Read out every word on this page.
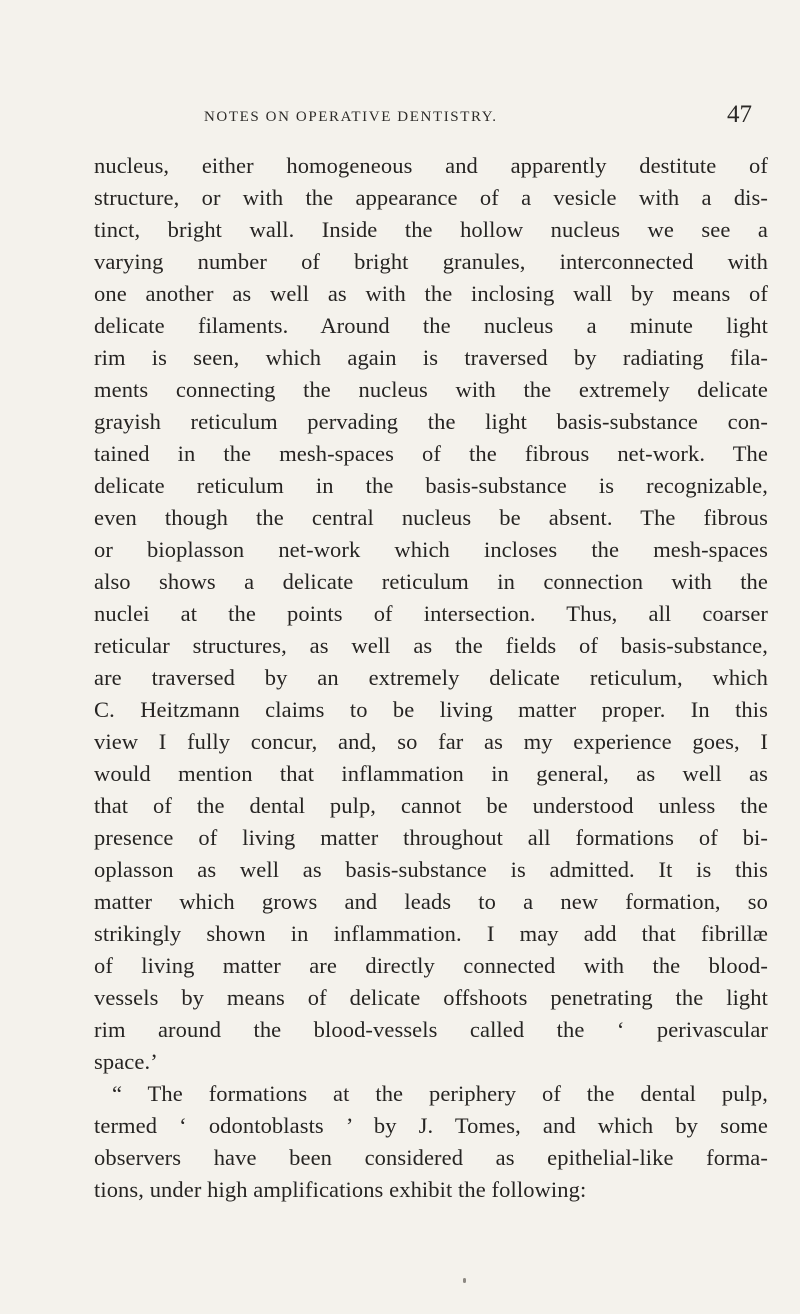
NOTES ON OPERATIVE DENTISTRY.	47
nucleus, either homogeneous and apparently destitute of
structure, or with the appearance of a vesicle with a dis-
tinct, bright wall. Inside the hollow nucleus we see a
varying number of bright granules, interconnected with
one another as well as with the inclosing wall by means of
delicate filaments. Around the nucleus a minute light
rim is seen, which again is traversed by radiating fila-
ments connecting the nucleus with the extremely delicate
grayish reticulum pervading the light basis-substance con-
tained in the mesh-spaces of the fibrous net-work. The
delicate reticulum in the basis-substance is recognizable,
even though the central nucleus be absent. The fibrous
or bioplasson net-work which incloses the mesh-spaces
also shows a delicate reticulum in connection with the
nuclei at the points of intersection. Thus, all coarser
reticular structures, as well as the fields of basis-substance,
are traversed by an extremely delicate reticulum, which
C. Heitzmann claims to be living matter proper. In this
view I fully concur, and, so far as my experience goes, I
would mention that inflammation in general, as well as
that of the dental pulp, cannot be understood unless the
presence of living matter throughout all formations of bi-
oplasson as well as basis-substance is admitted. It is this
matter which grows and leads to a new formation, so
strikingly shown in inflammation. I may add that fibrillæ
of living matter are directly connected with the blood-
vessels by means of delicate offshoots penetrating the light
rim around the blood-vessels called the ‘ perivascular
space.’
“ The formations at the periphery of the dental pulp,
termed ‘ odontoblasts ’ by J. Tomes, and which by some
observers have been considered as epithelial-like forma-
tions, under high amplifications exhibit the following:
